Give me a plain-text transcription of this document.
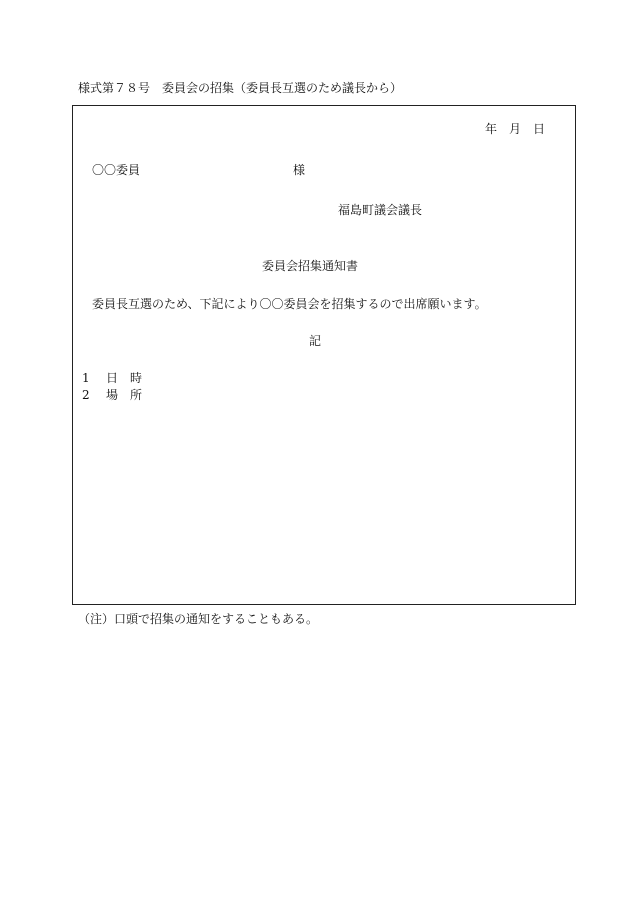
様式第７８号　委員会の招集（委員長互選のため議長から）
年　月　日
〇〇委員	様
福島町議会議長
委員会招集通知書
委員長互選のため、下記により〇〇委員会を招集するので出席願います。
記
1 日　時
2 場　所
（注）口頭で招集の通知をすることもある。
